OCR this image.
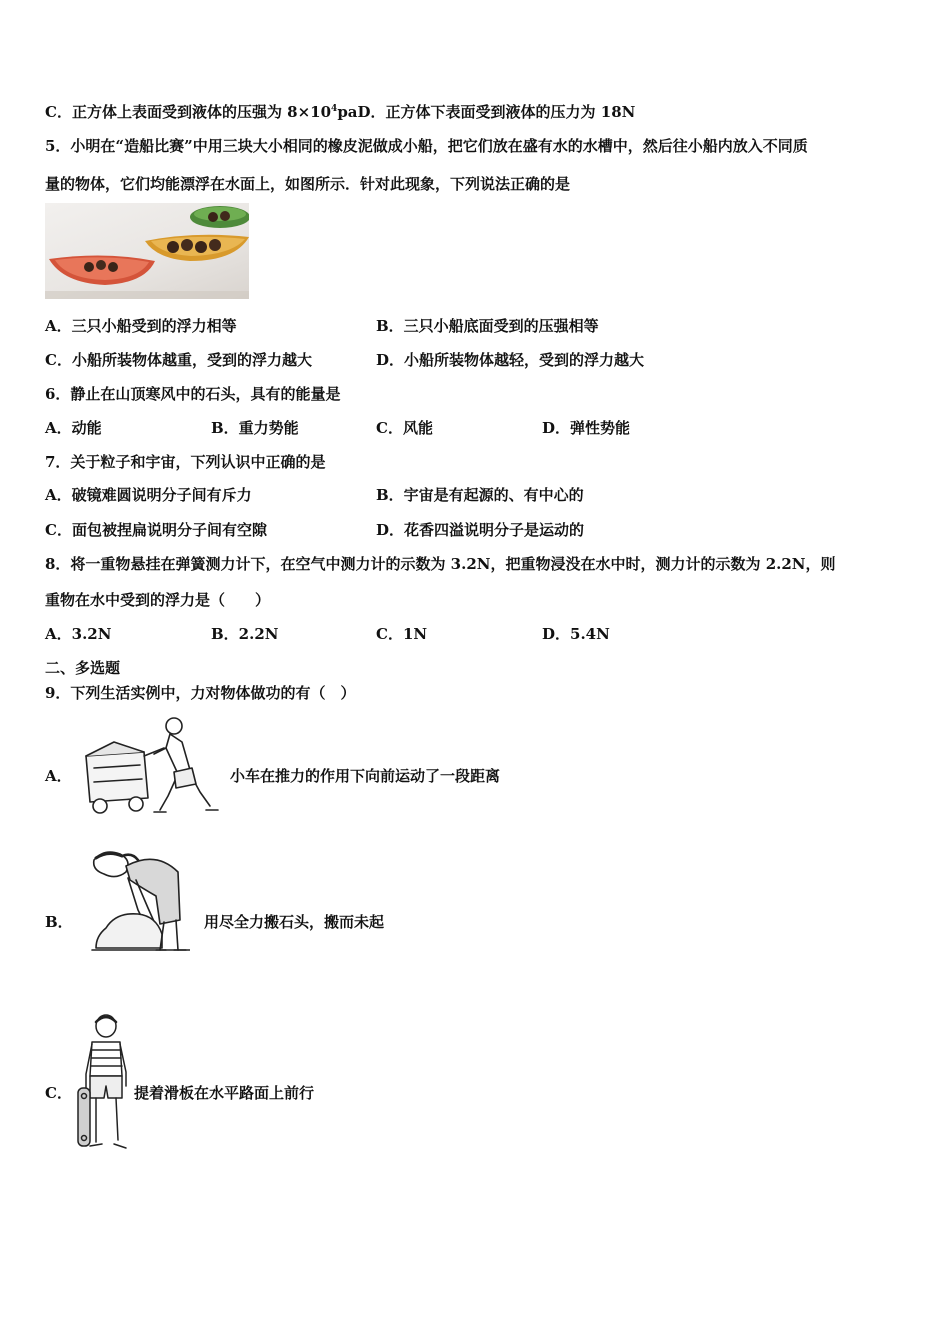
C．正方体上表面受到液体的压强为 $8\times 10^4paD$．正方体下表面受到液体的压力为 18N
5．小明在“造船比赛”中用三块大小相同的橡皮泥做成小船，把它们放在盛有水的水槽中，然后往小船内放入不同质
量的物体，它们均能漂浮在水面上，如图所示．针对此现象，下列说法正确的是
A．三只小船受到的浮力相等	B．三只小船底面受到的压强相等
C．小船所装物体越重，受到的浮力越大	D．小船所装物体越轻，受到的浮力越大
6．静止在山顶寒风中的石头，具有的能量是
A．动能	B．重力势能	C．风能	D．弹性势能
7．关于粒子和宇宙，下列认识中正确的是
A．破镜难圆说明分子间有斥力	B．宇宙是有起源的、有中心的
C．面包被捏扁说明分子间有空隙	D．花香四溢说明分子是运动的
8．将一重物悬挂在弹簧测力计下，在空气中测力计的示数为 3.2N，把重物浸没在水中时，测力计的示数为 2.2N，则
重物在水中受到的浮力是（　　）
A．3.2N	B．2.2N	C．1N	D．5.4N
二、多选题
9．下列生活实例中，力对物体做功的有（　）
A．	小车在推力的作用下向前运动了一段距离
B．	用尽全力搬石头，搬而未起
C．	提着滑板在水平路面上前行
